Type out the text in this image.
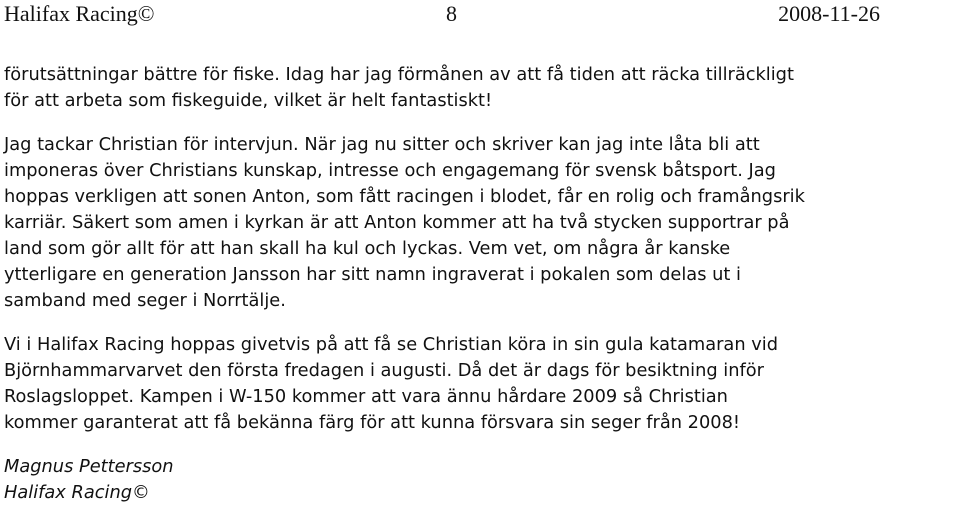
Halifax Racing©	8	2008-11-26

förutsättningar bättre för fiske. Idag har jag förmånen av att få tiden att räcka tillräckligt
för att arbeta som fiskeguide, vilket är helt fantastiskt!

Jag tackar Christian för intervjun. När jag nu sitter och skriver kan jag inte låta bli att
imponeras över Christians kunskap, intresse och engagemang för svensk båtsport. Jag
hoppas verkligen att sonen Anton, som fått racingen i blodet, får en rolig och framångsrik
karriär. Säkert som amen i kyrkan är att Anton kommer att ha två stycken supportrar på
land som gör allt för att han skall ha kul och lyckas. Vem vet, om några år kanske
ytterligare en generation Jansson har sitt namn ingraverat i pokalen som delas ut i
samband med seger i Norrtälje.

Vi i Halifax Racing hoppas givetvis på att få se Christian köra in sin gula katamaran vid
Björnhammarvarvet den första fredagen i augusti. Då det är dags för besiktning inför
Roslagsloppet. Kampen i W-150 kommer att vara ännu hårdare 2009 så Christian
kommer garanterat att få bekänna färg för att kunna försvara sin seger från 2008!

Magnus Pettersson
Halifax Racing©
